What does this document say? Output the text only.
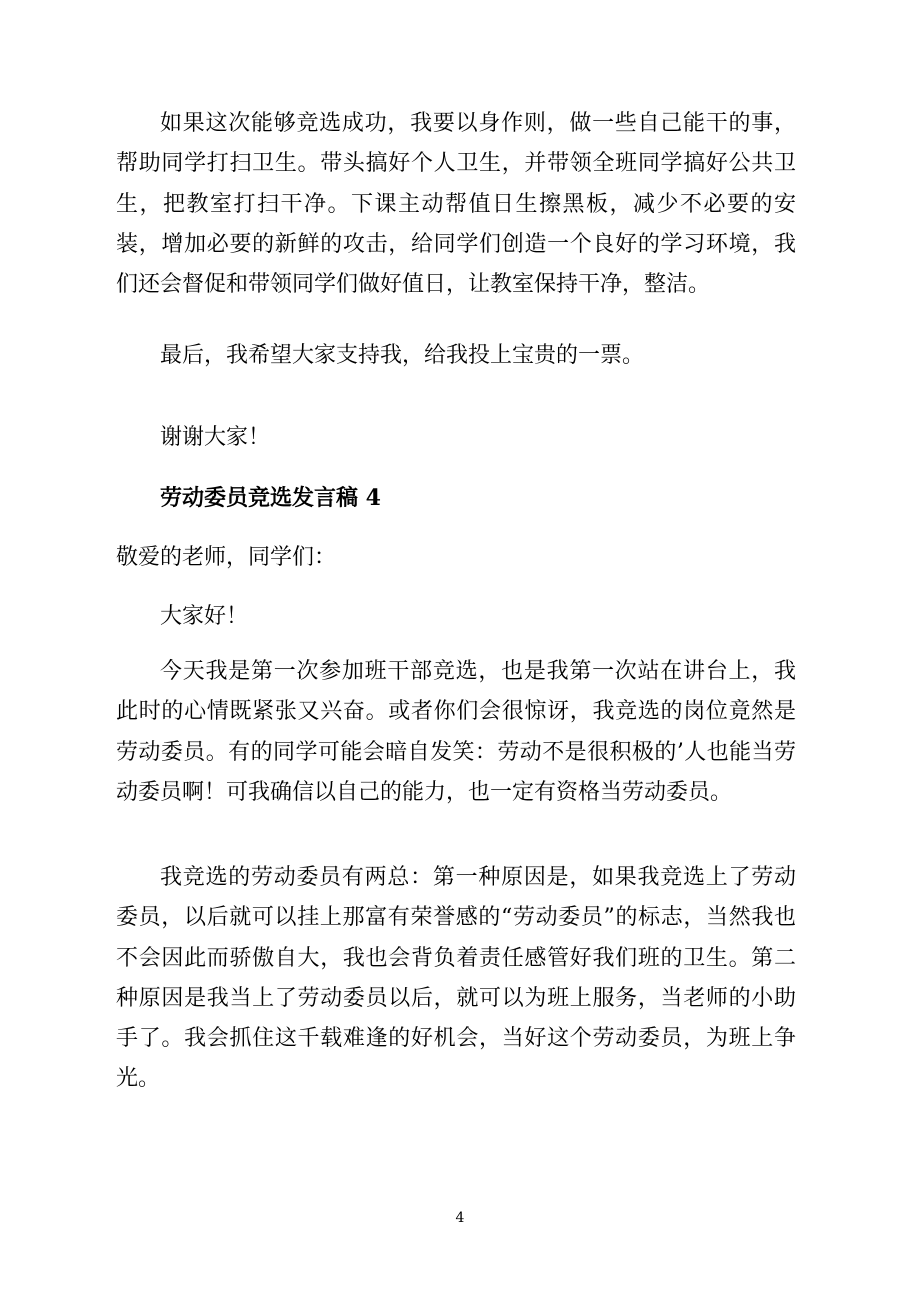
如果这次能够竞选成功，我要以身作则，做一些自己能干的事，帮助同学打扫卫生。带头搞好个人卫生，并带领全班同学搞好公共卫生，把教室打扫干净。下课主动帮值日生擦黑板，减少不必要的安装，增加必要的新鲜的攻击，给同学们创造一个良好的学习环境，我们还会督促和带领同学们做好值日，让教室保持干净，整洁。

最后，我希望大家支持我，给我投上宝贵的一票。

谢谢大家！

劳动委员竞选发言稿 4

敬爱的老师，同学们：

大家好！

今天我是第一次参加班干部竞选，也是我第一次站在讲台上，我此时的心情既紧张又兴奋。或者你们会很惊讶，我竞选的岗位竟然是劳动委员。有的同学可能会暗自发笑：劳动不是很积极的’人也能当劳动委员啊！可我确信以自己的能力，也一定有资格当劳动委员。

我竞选的劳动委员有两总：第一种原因是，如果我竞选上了劳动委员，以后就可以挂上那富有荣誉感的“劳动委员”的标志，当然我也不会因此而骄傲自大，我也会背负着责任感管好我们班的卫生。第二种原因是我当上了劳动委员以后，就可以为班上服务，当老师的小助手了。我会抓住这千载难逢的好机会，当好这个劳动委员，为班上争光。

4
